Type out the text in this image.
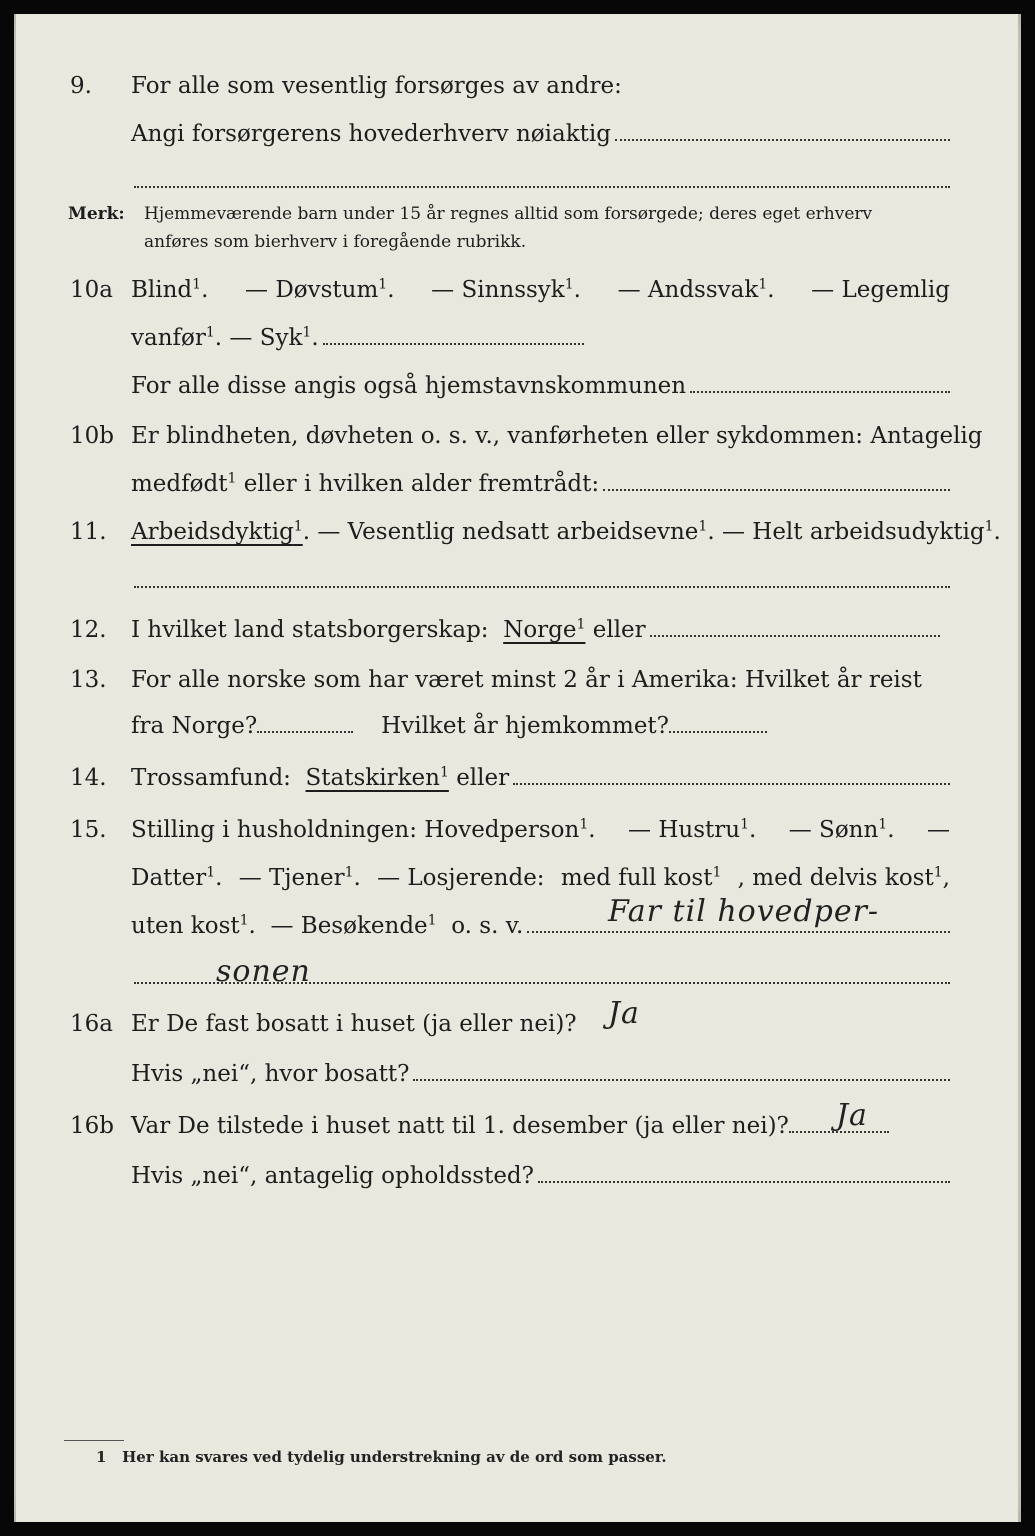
9. For alle som vesentlig forsørges av andre:
Angi forsørgerens hovederhverv nøiaktig
Merk: Hjemmeværende barn under 15 år regnes alltid som forsørgede; deres eget erhverv
anføres som bierhverv i foregående rubrikk.
10a Blind$^1$. — Døvstum$^1$. — Sinnssyk$^1$. — Andssvak$^1$. — Legemlig
vanfør$^1$. — Syk$^1$.
For alle disse angis også hjemstavnskommunen
10b Er blindheten, døvheten o. s. v., vanførheten eller sykdommen: Antagelig
medfødt$^1$ eller i hvilken alder fremtrådt:
11. Arbeidsdyktig$^1$ . — Vesentlig nedsatt arbeidsevne$^1$. — Helt arbeidsudyktig$^1$.
12. I hvilket land statsborgerskap:
Norge$^1$
eller
13. For alle norske som har været minst 2 år i Amerika: Hvilket år reist
fra Norge?	Hvilket år hjemkommet?
14. Trossamfund:
Statskirken$^1$
eller
15. Stilling i husholdningen: Hovedperson$^1$. — Hustru$^1$. — Sønn$^1$. —
Datter$^1$. — Tjener$^1$. — Losjerende: med full kost$^1$ , med delvis kost$^1$,
uten kost$^1$. — Besøkende$^1$ o. s. v.	Far til hovedper-
sonen
16a Er De fast bosatt i huset (ja eller nei)? Ja
Hvis „nei“, hvor bosatt?
16b Var De tilstede i huset natt til 1. desember (ja eller nei)? Ja
Hvis „nei“, antagelig opholdssted?
1 Her kan svares ved tydelig understrekning av de ord som passer.
